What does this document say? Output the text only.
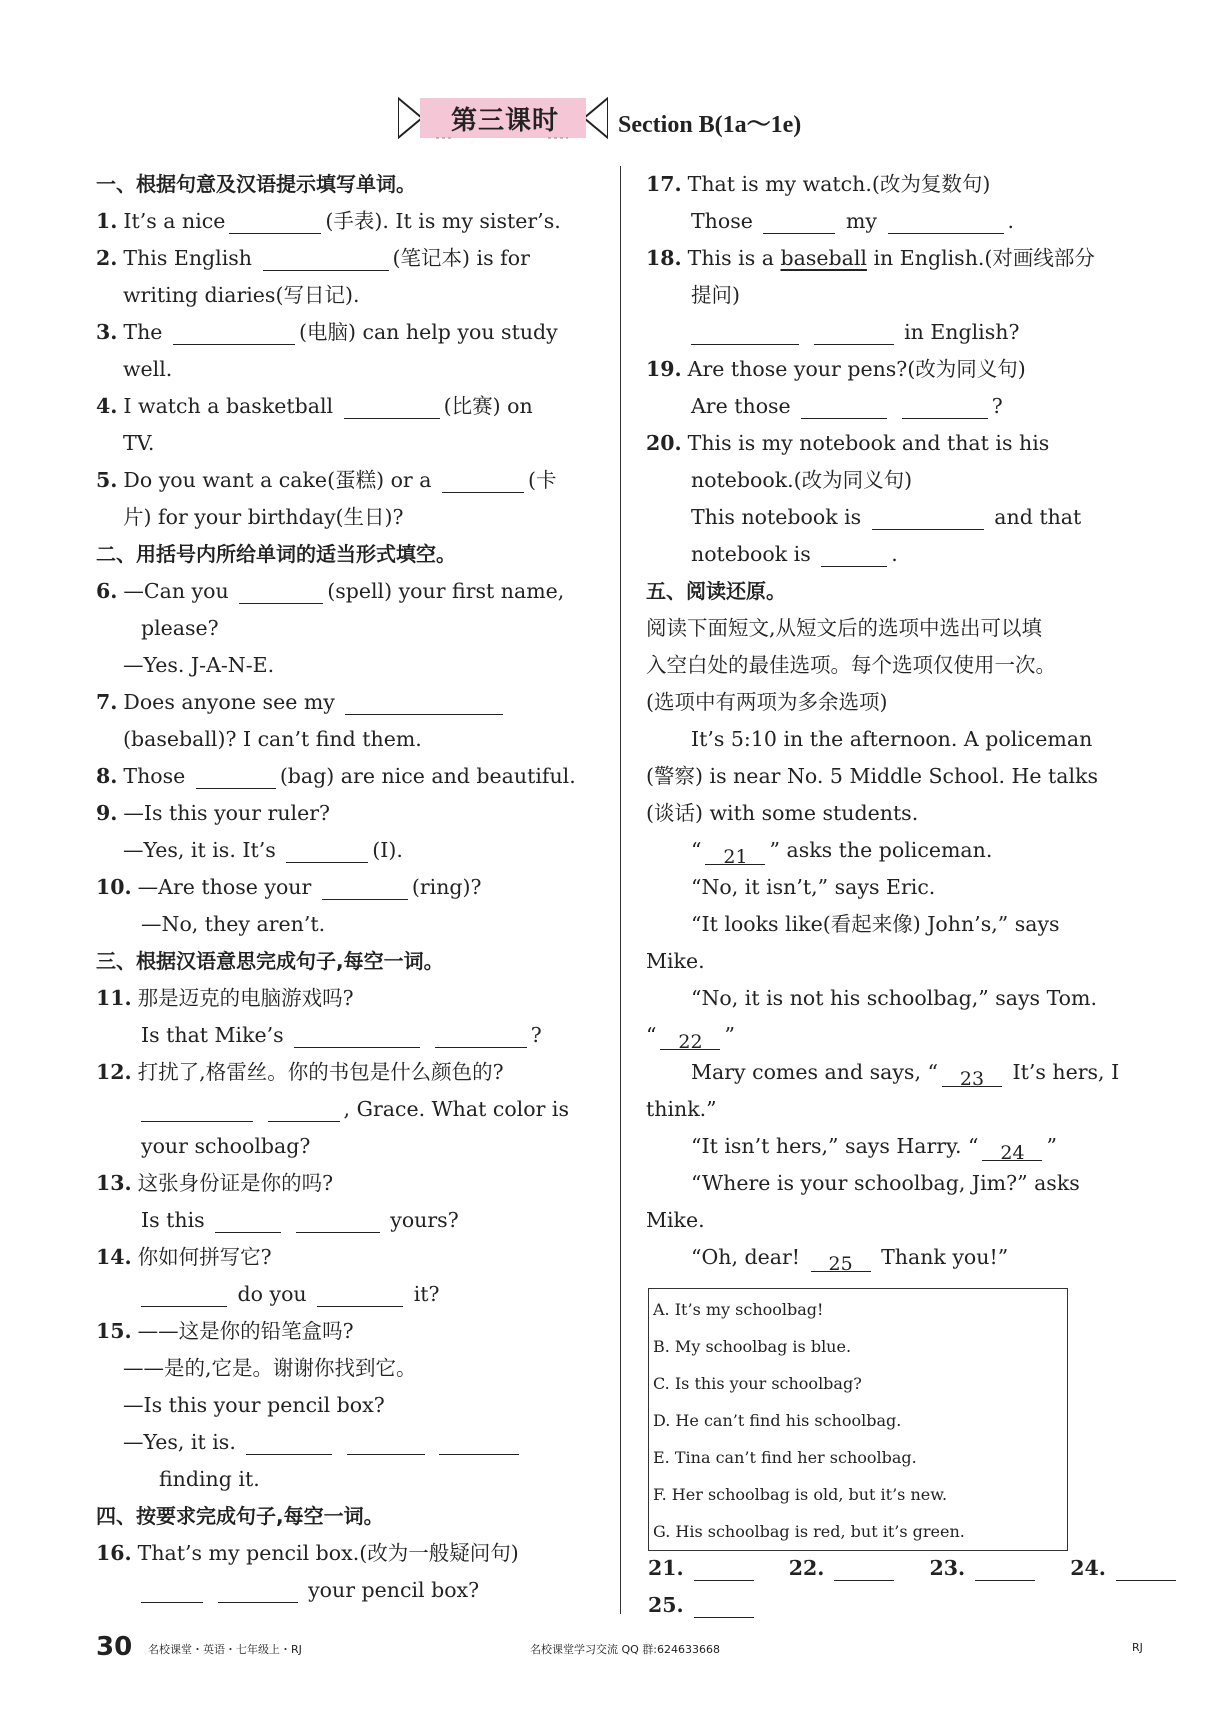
第三课时	Section B(1a～1e)
一、根据句意及汉语提示填写单词。
1. It’s a nice	(手表). It is my sister’s.
2. This English	(笔记本) is for
writing diaries(写日记).
3. The	(电脑) can help you study
well.
4. I watch a basketball	(比赛) on
TV.
5. Do you want a cake(蛋糕) or a	(卡
片) for your birthday(生日)?
二、用括号内所给单词的适当形式填空。
6. —Can you	(spell) your first name,
please?
—Yes. J-A-N-E.
7. Does anyone see my
(baseball)? I can’t find them.
8. Those	(bag) are nice and beautiful.
9. —Is this your ruler?
—Yes, it is. It’s	(I).
10. —Are those your	(ring)?
—No, they aren’t.
三、根据汉语意思完成句子,每空一词。
11. 那是迈克的电脑游戏吗?
Is that Mike’s	?
12. 打扰了,格雷丝。你的书包是什么颜色的?
, Grace. What color is
your schoolbag?
13. 这张身份证是你的吗?
Is this	yours?
14. 你如何拼写它?
do you	it?
15. ——这是你的铅笔盒吗?
——是的,它是。谢谢你找到它。
—Is this your pencil box?
—Yes, it is.
finding it.
四、按要求完成句子,每空一词。
16. That’s my pencil box.(改为一般疑问句)
your pencil box?
17. That is my watch.(改为复数句)
Those	my	.
18. This is a baseball in English.(对画线部分
提问)
in English?
19. Are those your pens?(改为同义句)
Are those	?
20. This is my notebook and that is his
notebook.(改为同义句)
This notebook is	and that
notebook is	.
五、阅读还原。
阅读下面短文,从短文后的选项中选出可以填
入空白处的最佳选项。每个选项仅使用一次。
(选项中有两项为多余选项)
It’s 5:10 in the afternoon. A policeman
(警察) is near No. 5 Middle School. He talks
(谈话) with some students.
“ 21 ” asks the policeman.
“No, it isn’t,” says Eric.
“It looks like(看起来像) John’s,” says
Mike.
“No, it is not his schoolbag,” says Tom.
“ 22 ”
Mary comes and says, “ 23 It’s hers, I
think.”
“It isn’t hers,” says Harry. “ 24 ”
“Where is your schoolbag, Jim?” asks
Mike.
“Oh, dear! 25 Thank you!”
A. It’s my schoolbag!
B. My schoolbag is blue.
C. Is this your schoolbag?
D. He can’t find his schoolbag.
E. Tina can’t find her schoolbag.
F. Her schoolbag is old, but it’s new.
G. His schoolbag is red, but it’s green.
21.	22.	23.	24.
25.
30 名校课堂・英语・七年级上・RJ	名校课堂学习交流 QQ 群:624633668	RJ
